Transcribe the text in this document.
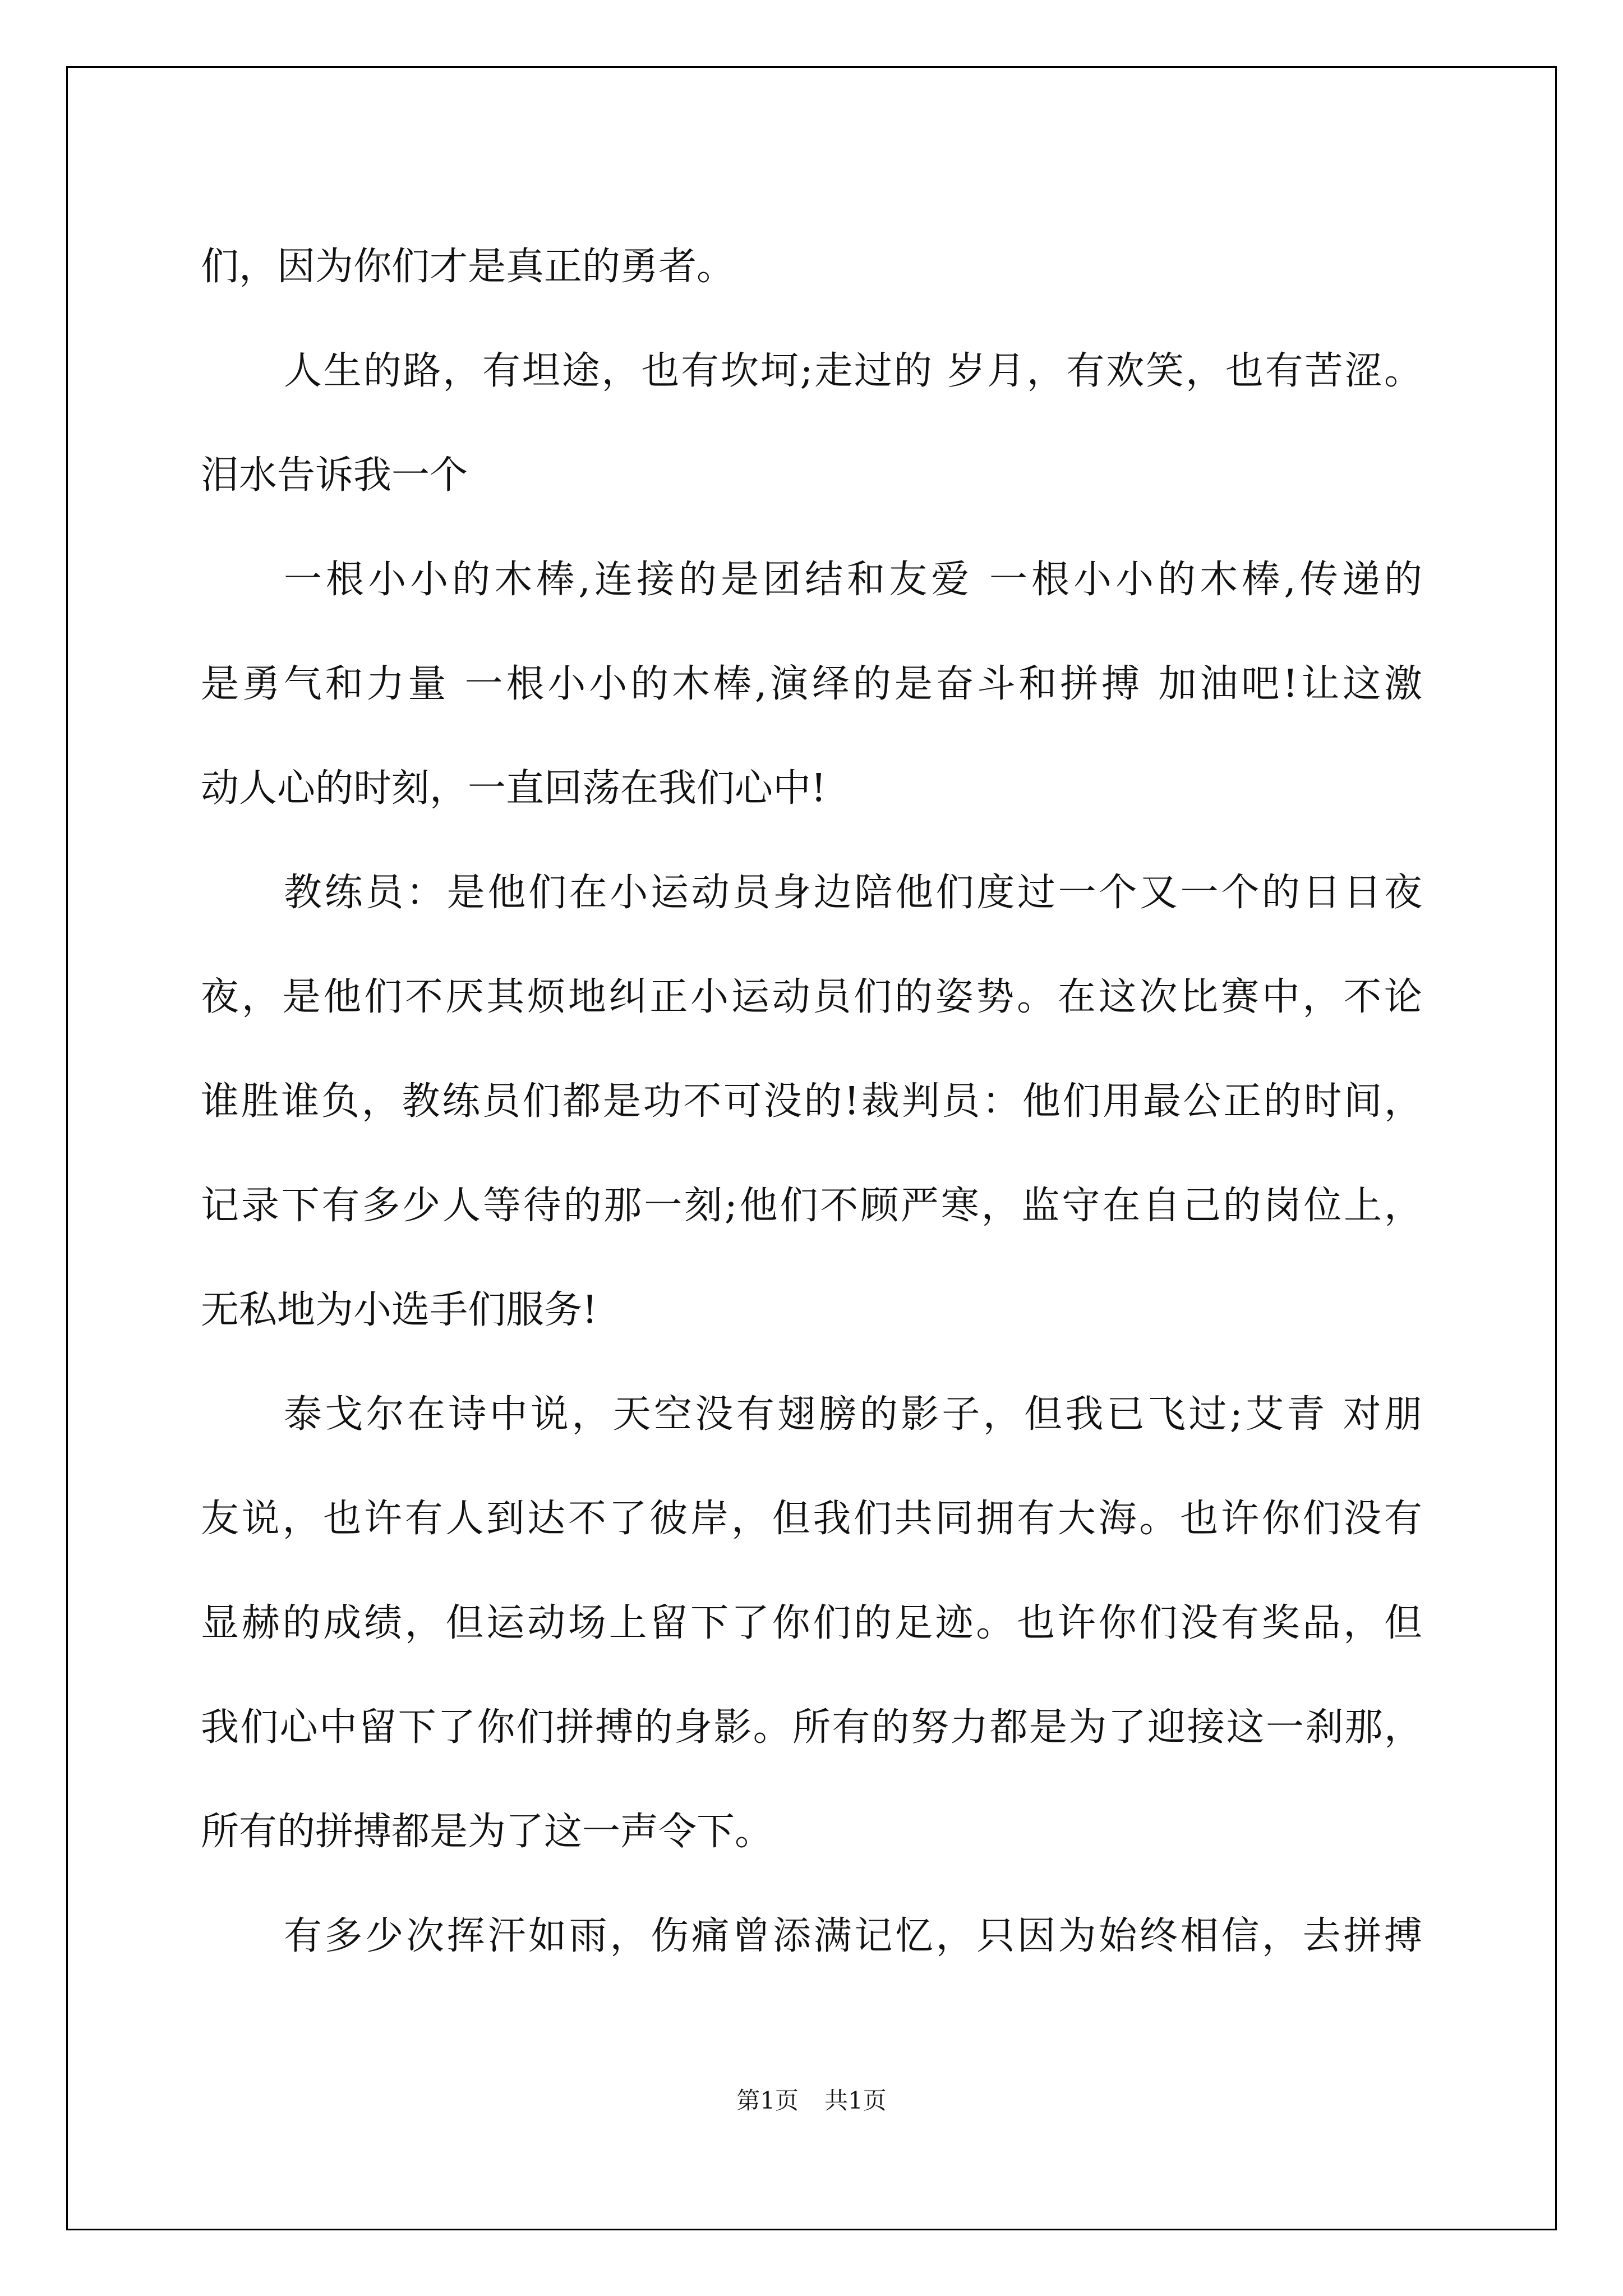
们，因为你们才是真正的勇者。
人生的路，有坦途，也有坎坷;走过的 岁月，有欢笑，也有苦涩。
泪水告诉我一个
一根小小的木棒,连接的是团结和友爱 一根小小的木棒,传递的
是勇气和力量 一根小小的木棒,演绎的是奋斗和拼搏 加油吧!让这激
动人心的时刻，一直回荡在我们心中!
教练员：是他们在小运动员身边陪他们度过一个又一个的日日夜
夜，是他们不厌其烦地纠正小运动员们的姿势。在这次比赛中，不论
谁胜谁负，教练员们都是功不可没的!裁判员：他们用最公正的时间，
记录下有多少人等待的那一刻;他们不顾严寒，监守在自己的岗位上，
无私地为小选手们服务!
泰戈尔在诗中说，天空没有翅膀的影子，但我已飞过;艾青 对朋
友说，也许有人到达不了彼岸，但我们共同拥有大海。也许你们没有
显赫的成绩，但运动场上留下了你们的足迹。也许你们没有奖品，但
我们心中留下了你们拼搏的身影。所有的努力都是为了迎接这一刹那，
所有的拼搏都是为了这一声令下。
有多少次挥汗如雨，伤痛曾添满记忆，只因为始终相信，去拼搏
第1页 共1页
